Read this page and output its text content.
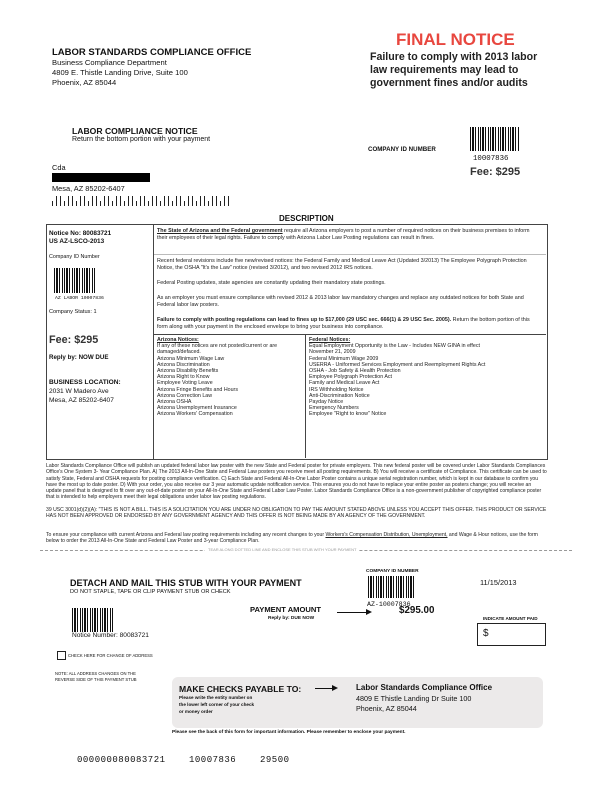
LABOR STANDARDS COMPLIANCE OFFICE
Business Compliance Department
4809 E. Thistle Landing Drive, Suite 100
Phoenix, AZ 85044
FINAL NOTICE
Failure to comply with 2013 labor
law requirements may lead to
government fines and/or audits
LABOR COMPLIANCE NOTICE
Return the bottom portion with your payment
COMPANY ID NUMBER
10007836
Fee: $295
Cda
Mesa, AZ 85202-6407
DESCRIPTION
Notice No: 80083721
US AZ-LSCO-2013
Company ID Number
AZ LABOR 10007836
Company Status: 1
Fee: $295
Reply by: NOW DUE
BUSINESS LOCATION:
2031 W Madero Ave
Mesa, AZ 85202-6407

The State of Arizona and the Federal government require all Arizona employers to post a number of required notices on their business premises to inform their employees of their legal rights. Failure to comply with Arizona Labor Law Posting regulations can result in fines.

Recent federal revisions include five new/revised notices: the Federal Family and Medical Leave Act (Updated 3/2013) The Employee Polygraph Protection Notice, the OSHA "It's the Law" notice (revised 3/2012), and two revised 2012 IRS notices.

Federal Posting updates, state agencies are constantly updating their mandatory state postings.

As an employer you must ensure compliance with revised 2012 & 2013 labor law mandatory changes and replace any outdated notices for both State and Federal labor law posters.

Failure to comply with posting regulations can lead to fines up to $17,000 (29 USC sec. 666(1) & 29 USC Sec. 2005). Return the bottom portion of this form along with your payment in the enclosed envelope to bring your business into compliance.

Arizona Notices:
If any of these notices are not posted/current or are
damaged/defaced.
Arizona Minimum Wage Law
Arizona Discrimination
Arizona Disability Benefits
Arizona Right to Know
Employee Voting Leave
Arizona Fringe Benefits and Hours
Arizona Correction Law
Arizona OSHA
Arizona Unemployment Insurance
Arizona Workers' Compensation
Federal Notices:
Equal Employment Opportunity is the Law - Includes NEW GINA in effect
November 21, 2009
Federal Minimum Wage 2009
USERRA - Uniformed Services Employment and Reemployment Rights Act
OSHA - Job Safety & Health Protection
Employee Polygraph Protection Act
Family and Medical Leave Act
IRS Withholding Notice
Anti-Discrimination Notice
Payday Notice
Emergency Numbers
Employee "Right to know" Notice

Labor Standards Compliance Office will publish an updated federal labor law poster with the new State and Federal poster for private employers. This new federal poster will be covered under Labor Standards Compliances Office's One System 3- Year Compliance Plan. A) The 2013 All-In-One State and Federal Law posters you receive meet all posting requirements. B) You will receive a certificate of Compliance. This certificate can be used to satisfy State, Federal and OSHA requests for posting compliance verification. C) Each State and Federal All-In-One Labor Poster contains a unique serial registration number, which is kept in our database to confirm you have the most up to date poster. D) With your order, you also receive our 3 year automatic update notification service. This ensures you do not have to replace your entire poster as posters change; you will receive an update panel that is designed to fit over any out-of-date poster on your All-In-One State and Federal Labor Law Poster. Labor Standards Compliance Office is a non-government publisher of copyrighted compliance poster that is intended to help employers meet their legal obligations under labor law posting regulations.

39 USC 3001(d)(2)(A): "THIS IS NOT A BILL. THIS IS A SOLICITATION YOU ARE UNDER NO OBLIGATION TO PAY THE AMOUNT STATED ABOVE UNLESS YOU ACCEPT THIS OFFER. THIS PRODUCT OR SERVICE HAS NOT BEEN APPROVED OR ENDORSED BY ANY GOVERNMENT AGENCY AND THIS OFFER IS NOT BEING MADE BY AN AGENCY OF THE GOVERNMENT.

To ensure your compliance with current Arizona and Federal law posting requirements including any recent changes to your Workers's Compensation Distribution, Unemployment, and Wage & Hour notices, use the form below to order the 2013 All-In-One State and Federal Law Poster and 3-year Compliance Plan.

TEAR ALONG DOTTED LINE AND ENCLOSE THIS STUB WITH YOUR PAYMENT
COMPANY ID NUMBER
AZ-10007836
11/15/2013
DETACH AND MAIL THIS STUB WITH YOUR PAYMENT
DO NOT STAPLE, TAPE OR CLIP PAYMENT STUB OR CHECK
INDICATE AMOUNT PAID
$
Notice Number: 80083721
PAYMENT AMOUNT
Reply by: DUE NOW
$295.00
CHECK HERE FOR CHANGE OF ADDRESS
NOTE: ALL ADDRESS CHANGES ON THE
REVERSE SIDE OF THIS PAYMENT STUB
MAKE CHECKS PAYABLE TO:
Please write the entity number on
the lower left corner of your check
or money order
Labor Standards Compliance Office
4809 E Thistle Landing Dr Suite 100
Phoenix, AZ 85044
Please see the back of this form for important information. Please remember to enclose your payment.
000000080083721	10007836	29500
